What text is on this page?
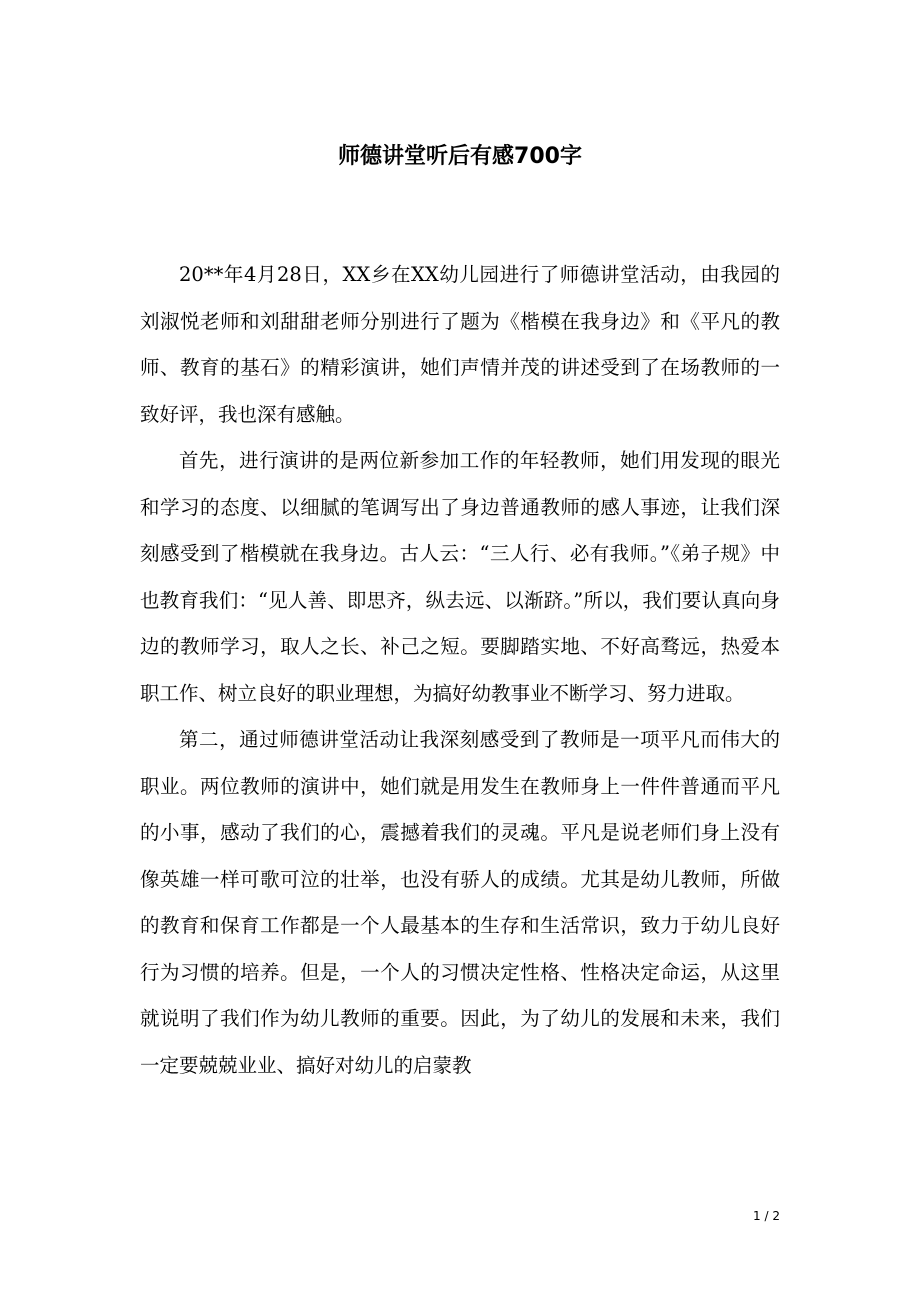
师德讲堂听后有感700字

20**年4月28日，XX乡在XX幼儿园进行了师德讲堂活动，由我园的刘淑悦老师和刘甜甜老师分别进行了题为《楷模在我身边》和《平凡的教师、教育的基石》的精彩演讲，她们声情并茂的讲述受到了在场教师的一致好评，我也深有感触。

首先，进行演讲的是两位新参加工作的年轻教师，她们用发现的眼光和学习的态度、以细腻的笔调写出了身边普通教师的感人事迹，让我们深刻感受到了楷模就在我身边。古人云：“三人行、必有我师。”《弟子规》中也教育我们：“见人善、即思齐，纵去远、以渐跻。”所以，我们要认真向身边的教师学习，取人之长、补己之短。要脚踏实地、不好高骛远，热爱本职工作、树立良好的职业理想，为搞好幼教事业不断学习、努力进取。

第二，通过师德讲堂活动让我深刻感受到了教师是一项平凡而伟大的职业。两位教师的演讲中，她们就是用发生在教师身上一件件普通而平凡的小事，感动了我们的心，震撼着我们的灵魂。平凡是说老师们身上没有像英雄一样可歌可泣的壮举，也没有骄人的成绩。尤其是幼儿教师，所做的教育和保育工作都是一个人最基本的生存和生活常识，致力于幼儿良好行为习惯的培养。但是，一个人的习惯决定性格、性格决定命运，从这里就说明了我们作为幼儿教师的重要。因此，为了幼儿的发展和未来，我们一定要兢兢业业、搞好对幼儿的启蒙教

1 / 2
